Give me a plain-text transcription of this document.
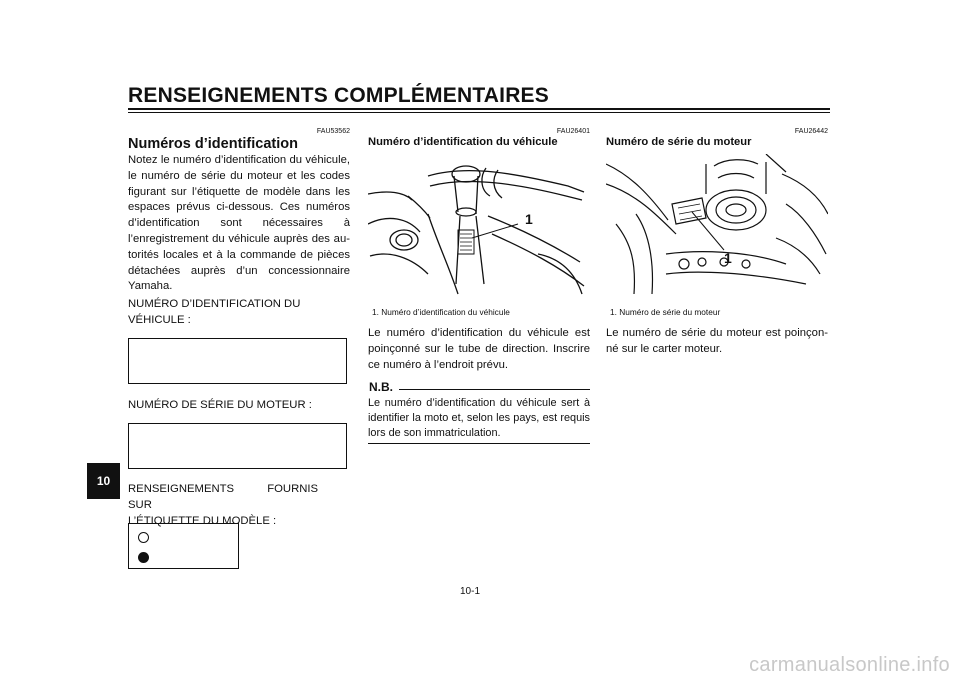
RENSEIGNEMENTS COMPLÉMENTAIRES
10
FAU53562
Numéros d’identification
Notez le numéro d’identification du véhicule, le numéro de série du moteur et les codes figurant sur l’étiquette de modèle dans les espaces prévus ci-dessous. Ces numéros d’identification sont nécessaires à l’enregistrement du véhicule auprès des autorités locales et à la commande de pièces détachées auprès d’un concessionnaire Yamaha.
NUMÉRO D’IDENTIFICATION DU
VÉHICULE :
NUMÉRO DE SÉRIE DU MOTEUR :
RENSEIGNEMENTS FOURNIS SUR
L’ÉTIQUETTE DU MODÈLE :
FAU26401
Numéro d’identification du véhicule
1
1. Numéro d’identification du véhicule
Le numéro d’identification du véhicule est poinçonné sur le tube de direction. Inscrire ce numéro à l’endroit prévu.
N.B.
Le numéro d’identification du véhicule sert à identifier la moto et, selon les pays, est requis lors de son immatriculation.
FAU26442
Numéro de série du moteur
1
1. Numéro de série du moteur
Le numéro de série du moteur est poinçonné sur le carter moteur.
10-1
carmanualsonline.info
